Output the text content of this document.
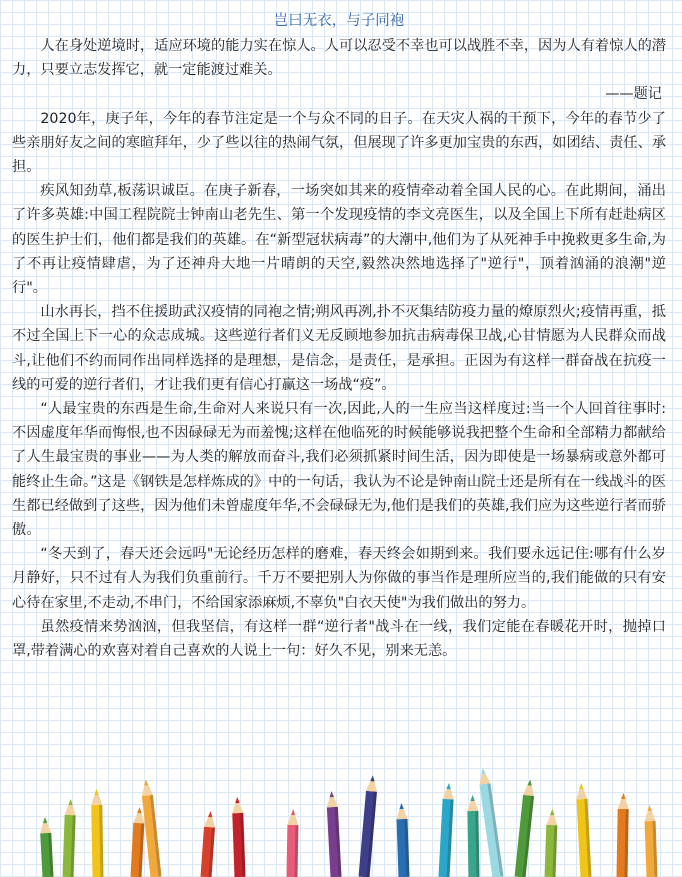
岂曰无衣，与子同袍

人在身处逆境时，适应环境的能力实在惊人。人可以忍受不幸也可以战胜不幸，因为人有着惊人的潜力，只要立志发挥它，就一定能渡过难关。

——题记

2020年，庚子年，今年的春节注定是一个与众不同的日子。在天灾人祸的干预下，今年的春节少了些亲朋好友之间的寒暄拜年，少了些以往的热闹气氛，但展现了许多更加宝贵的东西，如团结、责任、承担。

疾风知劲草,板荡识诚臣。在庚子新春，一场突如其来的疫情牵动着全国人民的心。在此期间，涌出了许多英雄:中国工程院院士钟南山老先生、第一个发现疫情的李文亮医生，以及全国上下所有赶赴病区的医生护士们，他们都是我们的英雄。在“新型冠状病毒”的大潮中,他们为了从死神手中挽救更多生命,为了不再让疫情肆虐，为了还神舟大地一片晴朗的天空,毅然决然地选择了"逆行"，顶着汹涌的浪潮"逆行"。

山水再长，挡不住援助武汉疫情的同袍之情;朔风再冽,扑不灭集结防疫力量的燎原烈火;疫情再重，抵不过全国上下一心的众志成城。这些逆行者们义无反顾地参加抗击病毒保卫战,心甘情愿为人民群众而战斗,让他们不约而同作出同样选择的是理想，是信念，是责任，是承担。正因为有这样一群奋战在抗疫一线的可爱的逆行者们，才让我们更有信心打赢这一场战“疫”。

“人最宝贵的东西是生命,生命对人来说只有一次,因此,人的一生应当这样度过:当一个人回首往事时:不因虚度年华而悔恨,也不因碌碌无为而羞愧;这样在他临死的时候能够说我把整个生命和全部精力都献给了人生最宝贵的事业——为人类的解放而奋斗,我们必须抓紧时间生活，因为即使是一场暴病或意外都可能终止生命。”这是《钢铁是怎样炼成的》中的一句话，我认为不论是钟南山院士还是所有在一线战斗的医生都已经做到了这些，因为他们未曾虚度年华,不会碌碌无为,他们是我们的英雄,我们应为这些逆行者而骄傲。

“冬天到了，春天还会远吗"无论经历怎样的磨难，春天终会如期到来。我们要永远记住:哪有什么岁月静好，只不过有人为我们负重前行。千万不要把别人为你做的事当作是理所应当的,我们能做的只有安心待在家里,不走动,不串门，不给国家添麻烦,不辜负"白衣天使"为我们做出的努力。

虽然疫情来势汹汹，但我坚信，有这样一群“逆行者"战斗在一线，我们定能在春暖花开时，抛掉口罩,带着满心的欢喜对着自己喜欢的人说上一句：好久不见，别来无恙。
